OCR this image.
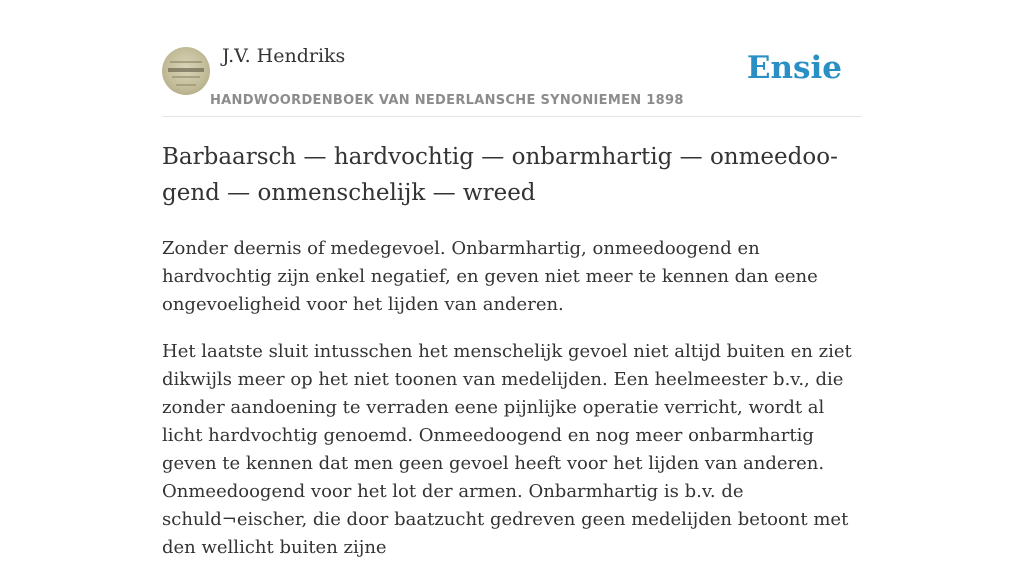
J.V. Hendriks
HANDWOORDENBOEK VAN NEDERLANSCHE SYNONIEMEN 1898
Ensie
Barbaarsch — hardvochtig — onbarmhartig — onmeedoo- gend — onmenschelijk — wreed

Zonder deernis of medegevoel. Onbarmhartig, onmeedoogend en hardvochtig zijn enkel negatief, en geven niet meer te kennen dan eene ongevoeligheid voor het lijden van anderen.

Het laatste sluit intusschen het menschelijk gevoel niet altijd buiten en ziet dikwijls meer op het niet toonen van medelijden. Een heelmeester b.v., die zonder aandoening te verraden eene pijnlijke operatie verricht, wordt al licht hardvochtig genoemd. Onmeedoogend en nog meer onbarmhartig geven te kennen dat men geen gevoel heeft voor het lijden van anderen. Onmeedoogend voor het lot der armen. Onbarmhartig is b.v. de schuld¬eischer, die door baatzucht gedreven geen medelijden betoont met den wellicht buiten zijne
